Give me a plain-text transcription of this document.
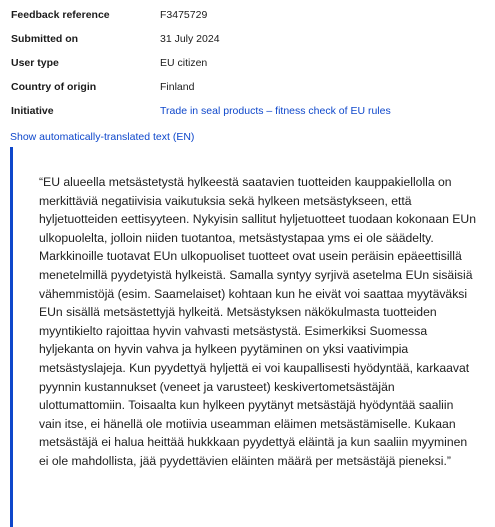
Feedback reference	F3475729
Submitted on	31 July 2024
User type	EU citizen
Country of origin	Finland
Initiative	Trade in seal products – fitness check of EU rules
Show automatically-translated text (EN)

“EU alueella metsästetystä hylkeestä saatavien tuotteiden kauppakiellolla on merkittäviä negatiivisia vaikutuksia sekä hylkeen metsästykseen, että hyljetuotteiden eettisyyteen. Nykyisin sallitut hyljetuotteet tuodaan kokonaan EUn ulkopuolelta, jolloin niiden tuotantoa, metsästystapaa yms ei ole säädelty. Markkinoille tuotavat EUn ulkopuoliset tuotteet ovat usein peräisin epäeettisillä menetelmillä pyydetyistä hylkeistä. Samalla syntyy syrjivä asetelma EUn sisäisiä vähemmistöjä (esim. Saamelaiset) kohtaan kun he eivät voi saattaa myytäväksi EUn sisällä metsästettyjä hylkeitä. Metsästyksen näkökulmasta tuotteiden myyntikielto rajoittaa hyvin vahvasti metsästystä. Esimerkiksi Suomessa hyljekanta on hyvin vahva ja hylkeen pyytäminen on yksi vaativimpia metsästyslajeja. Kun pyydettyä hyljettä ei voi kaupallisesti hyödyntää, karkaavat pyynnin kustannukset (veneet ja varusteet) keskivertometsästäjän ulottumattomiin. Toisaalta kun hylkeen pyytänyt metsästäjä hyödyntää saaliin vain itse, ei hänellä ole motiivia useamman eläimen metsästämiselle. Kukaan metsästäjä ei halua heittää hukkkaan pyydettyä eläintä ja kun saaliin myyminen ei ole mahdollista, jää pyydettävien eläinten määrä per metsästäjä pieneksi.”
